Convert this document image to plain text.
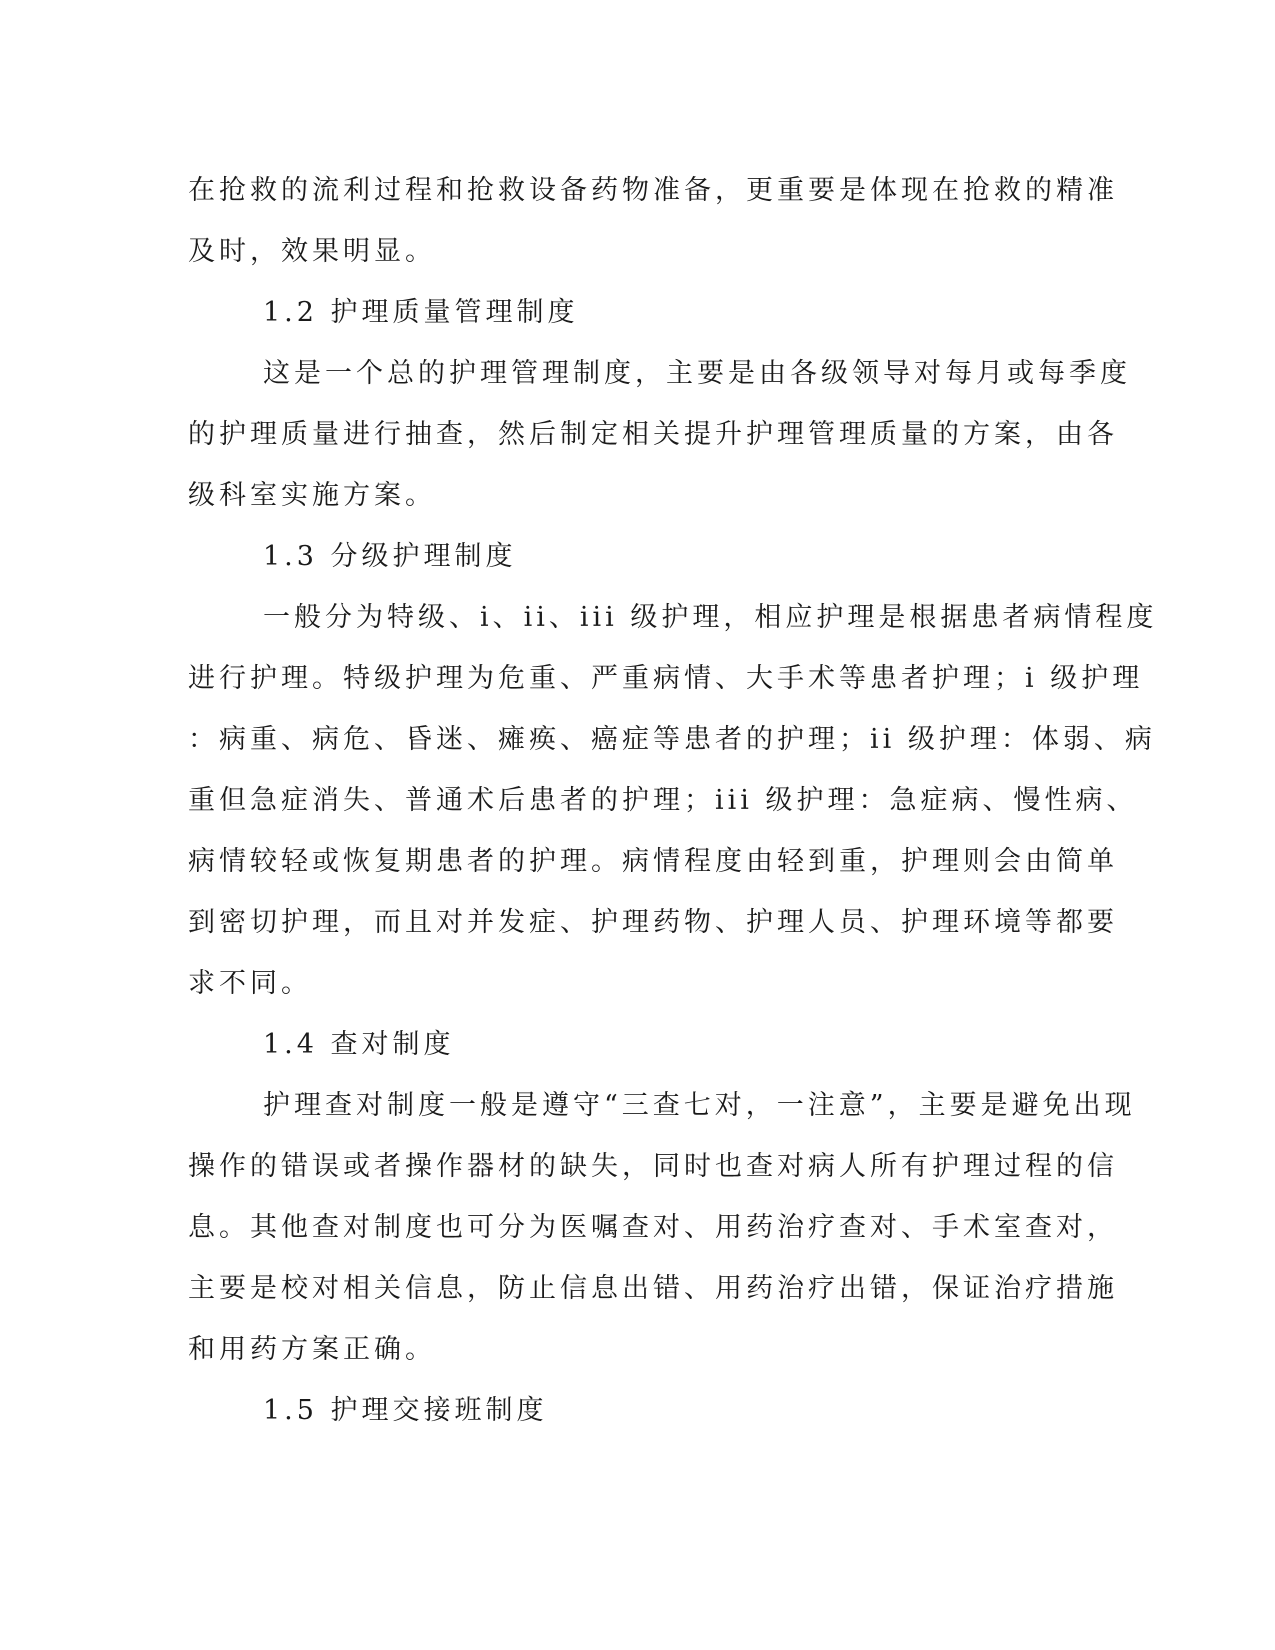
在抢救的流利过程和抢救设备药物准备，更重要是体现在抢救的精准
及时，效果明显。
1.2 护理质量管理制度
这是一个总的护理管理制度，主要是由各级领导对每月或每季度
的护理质量进行抽查，然后制定相关提升护理管理质量的方案，由各
级科室实施方案。
1.3 分级护理制度
一般分为特级、i、ii、iii 级护理，相应护理是根据患者病情程度
进行护理。特级护理为危重、严重病情、大手术等患者护理；i 级护理
：病重、病危、昏迷、瘫痪、癌症等患者的护理；ii 级护理：体弱、病
重但急症消失、普通术后患者的护理；iii 级护理：急症病、慢性病、
病情较轻或恢复期患者的护理。病情程度由轻到重，护理则会由简单
到密切护理，而且对并发症、护理药物、护理人员、护理环境等都要
求不同。
1.4 查对制度
护理查对制度一般是遵守“三查七对，一注意”，主要是避免出现
操作的错误或者操作器材的缺失，同时也查对病人所有护理过程的信
息。其他查对制度也可分为医嘱查对、用药治疗查对、手术室查对，
主要是校对相关信息，防止信息出错、用药治疗出错，保证治疗措施
和用药方案正确。
1.5 护理交接班制度
